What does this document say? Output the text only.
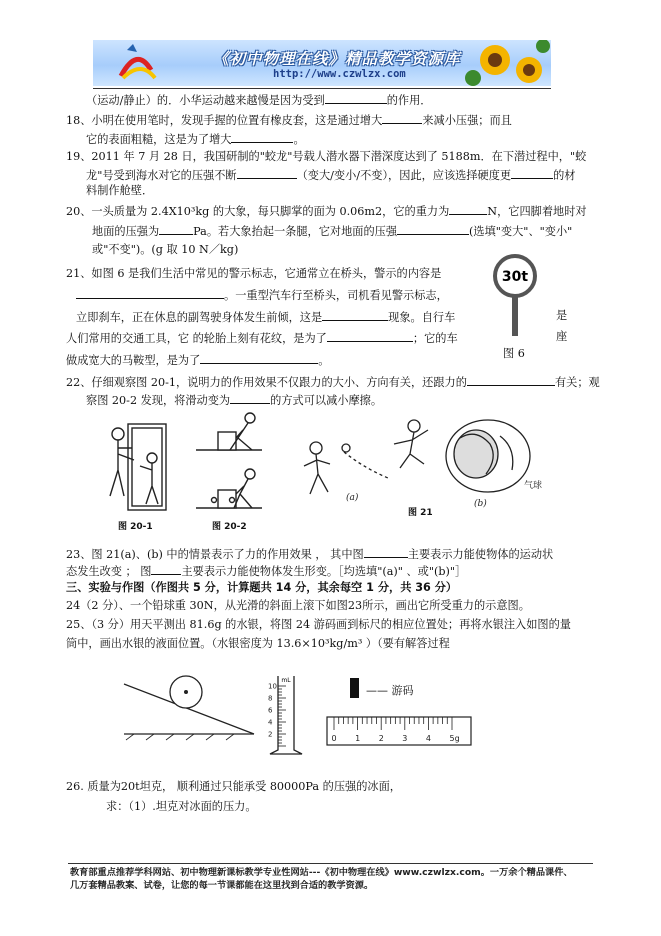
《初中物理在线》精品教学资源库
http://www.czwlzx.com
（运动/静止）的．小华运动越来越慢是因为受到	的作用．
18、小明在使用笔时，发现手握的位置有橡皮套，这是通过增大	来减小压强；而且
它的表面粗糙，这是为了增大	。
19、2011 年 7 月 28 日，我国研制的"蛟龙"号载人潜水器下潜深度达到了 5188m．在下潜过程中，"蛟
龙"号受到海水对它的压强不断	（变大/变小/不变），因此，应该选择硬度更	的材
料制作舱壁．
20、一头质量为 2.4X10³kg 的大象，每只脚掌的面为 0.06m2，它的重力为	N，它四脚着地时对
地面的压强为	Pa。若大象抬起一条腿，它对地面的压强	(选填"变大"、"变小"
或"不变")。(g 取 10 N／kg)
21、如图 6 是我们生活中常见的警示标志，它通常立在桥头，警示的内容是
。一重型汽车行至桥头，司机看见警示标志，
立即刹车，正在休息的副驾驶身体发生前倾，这是	现象。自行车	是
人们常用的交通工具，它 的轮胎上刻有花纹，是为了	；它的车	座
做成宽大的马鞍型，是为了	。
30t
图 6
22、仔细观察图 20-1，说明力的作用效果不仅跟力的大小、方向有关，还跟力的	有关；观
察图 20-2 发现，将滑动变为	的方式可以减小摩擦。
(a)
气球
(b)
图 20-1	图 20-2
图 21
23、图 21(a)、(b) 中的情景表示了力的作用效果 ， 其中图	主要表示力能使物体的运动状
态发生改变 ； 图	主要表示力能使物体发生形变。［均选填"(a)" 、或"(b)"］
三、实验与作图（作图共 5 分，计算题共 14 分，其余每空 1 分，共 36 分）
24（2 分）、一个铅球重 30N，从光滑的斜面上滚下如图23所示，画出它所受重力的示意图。
25、（3 分）用天平测出 81.6g 的水银，将图 24 游码画到标尺的相应位置处；再将水银注入如图的量
筒中，画出水银的液面位置。（水银密度为 13.6×10³kg/m³ ）（要有解答过程
mL
10
8
6
4
2
—— 游码
0 1 2 3 4 5g
26. 质量为20t坦克， 顺利通过只能承受 80000Pa 的压强的冰面，
求：（1）.坦克对冰面的压力。
教育部重点推荐学科网站、初中物理新课标教学专业性网站---《初中物理在线》www.czwlzx.com。一万余个精品课件、
几万套精品教案、试卷，让您的每一节课都能在这里找到合适的教学资源。
